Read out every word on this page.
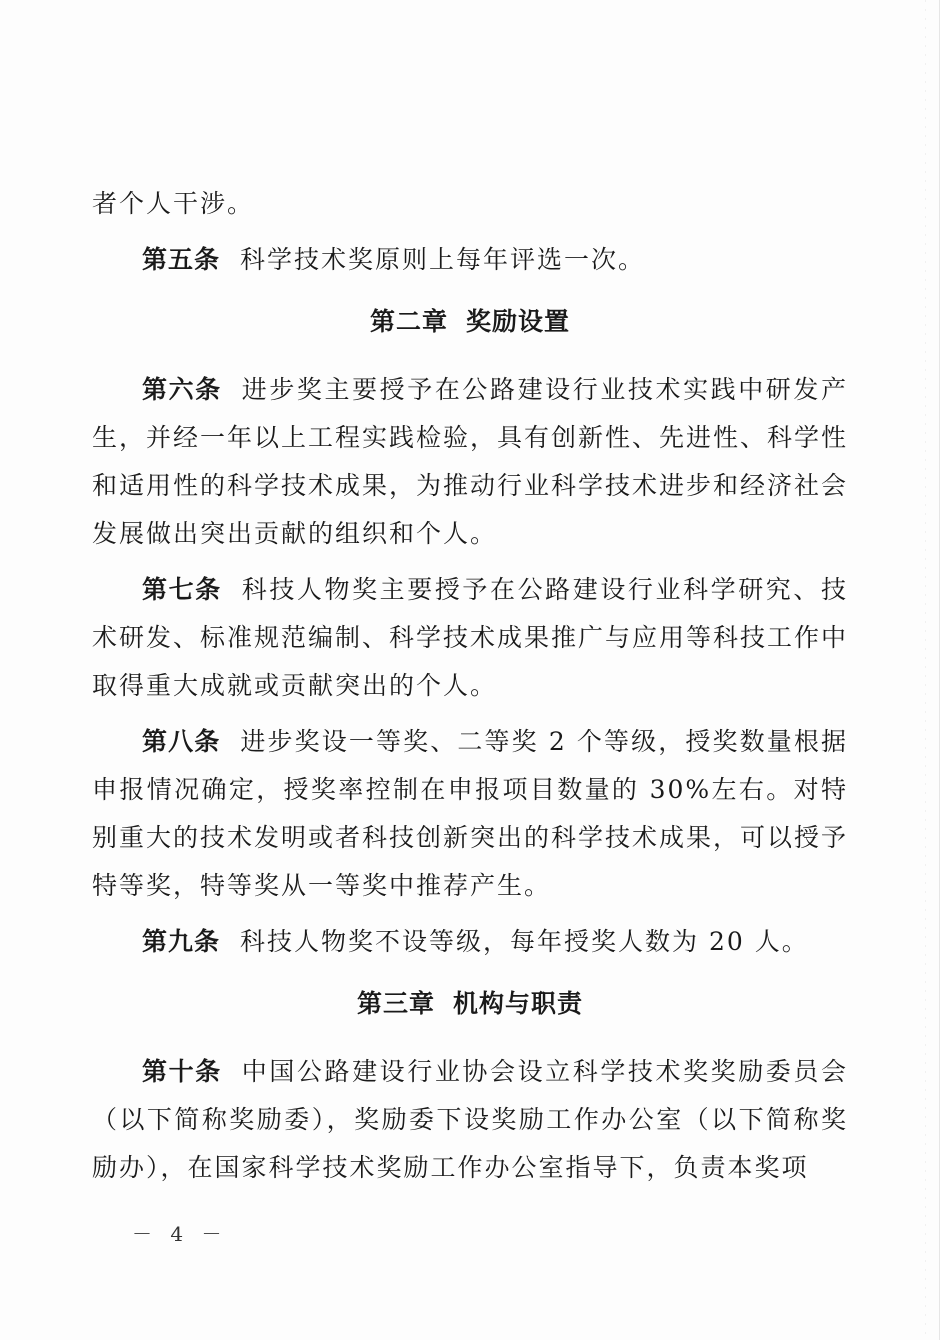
者个人干涉。

第五条 科学技术奖原则上每年评选一次。

第二章 奖励设置

第六条 进步奖主要授予在公路建设行业技术实践中研发产生，并经一年以上工程实践检验，具有创新性、先进性、科学性和适用性的科学技术成果，为推动行业科学技术进步和经济社会发展做出突出贡献的组织和个人。

第七条 科技人物奖主要授予在公路建设行业科学研究、技术研发、标准规范编制、科学技术成果推广与应用等科技工作中取得重大成就或贡献突出的个人。

第八条 进步奖设一等奖、二等奖 2 个等级，授奖数量根据申报情况确定，授奖率控制在申报项目数量的 30%左右。对特别重大的技术发明或者科技创新突出的科学技术成果，可以授予特等奖，特等奖从一等奖中推荐产生。

第九条 科技人物奖不设等级，每年授奖人数为 20 人。

第三章 机构与职责

第十条 中国公路建设行业协会设立科学技术奖奖励委员会（以下简称奖励委），奖励委下设奖励工作办公室（以下简称奖励办），在国家科学技术奖励工作办公室指导下，负责本奖项

－ 4 －
